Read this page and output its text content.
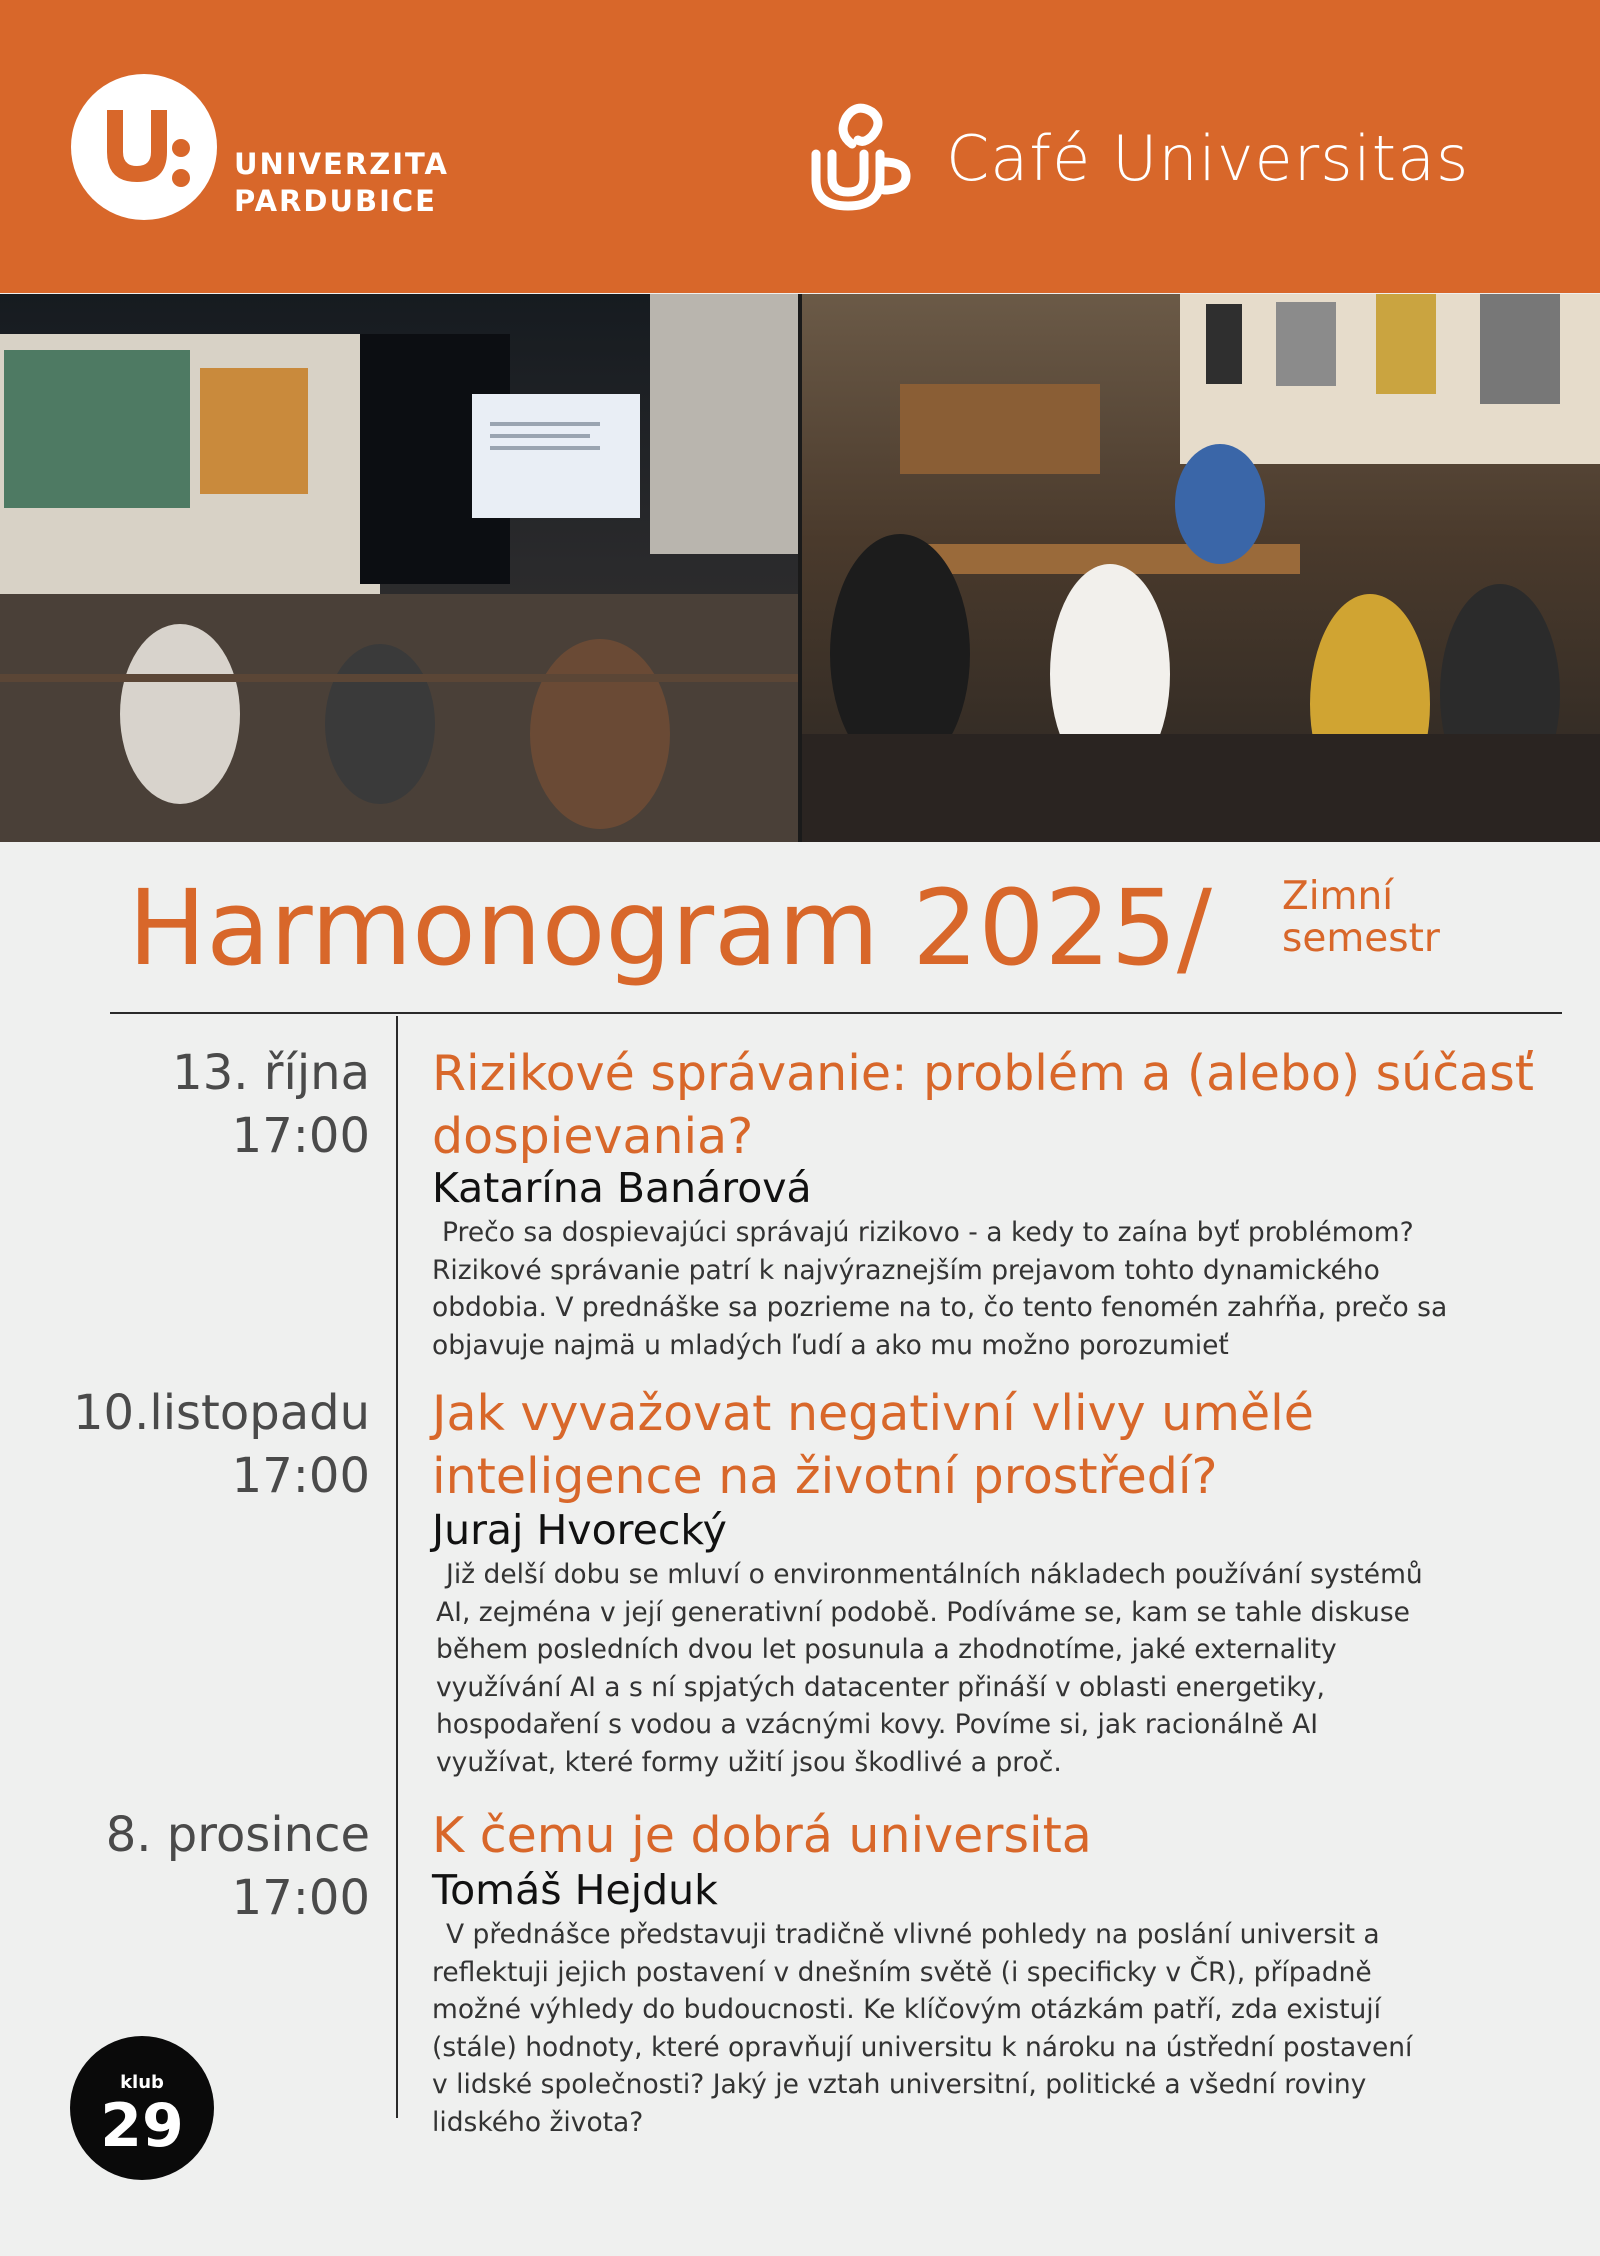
UNIVERZITA
PARDUBICE
Café Universitas
Harmonogram 2025/ Zimní
semestr
13. října
17:00
Rizikové správanie: problém a (alebo) súčasť dospievania?
Katarína Banárová
Prečo sa dospievajúci správajú rizikovo - a kedy to zaína byť problémom? Rizikové správanie patrí k najvýraznejším prejavom tohto dynamického obdobia. V prednáške sa pozrieme na to, čo tento fenomén zahŕňa, prečo sa objavuje najmä u mladých ľudí a ako mu možno porozumieť
10.listopadu
17:00
Jak vyvažovat negativní vlivy umělé inteligence na životní prostředí?
Juraj Hvorecký
Již delší dobu se mluví o environmentálních nákladech používání systémů AI, zejména v její generativní podobě. Podíváme se, kam se tahle diskuse během posledních dvou let posunula a zhodnotíme, jaké externality využívání AI a s ní spjatých datacenter přináší v oblasti energetiky, hospodaření s vodou a vzácnými kovy. Povíme si, jak racionálně AI využívat, které formy užití jsou škodlivé a proč.
8. prosince
17:00
K čemu je dobrá universita
Tomáš Hejduk
V přednášce představuji tradičně vlivné pohledy na poslání universit a reflektuji jejich postavení v dnešním světě (i specificky v ČR), případně možné výhledy do budoucnosti. Ke klíčovým otázkám patří, zda existují (stále) hodnoty, které opravňují universitu k nároku na ústřední postavení v lidské společnosti? Jaký je vztah universitní, politické a všední roviny lidského života?
klub
29
